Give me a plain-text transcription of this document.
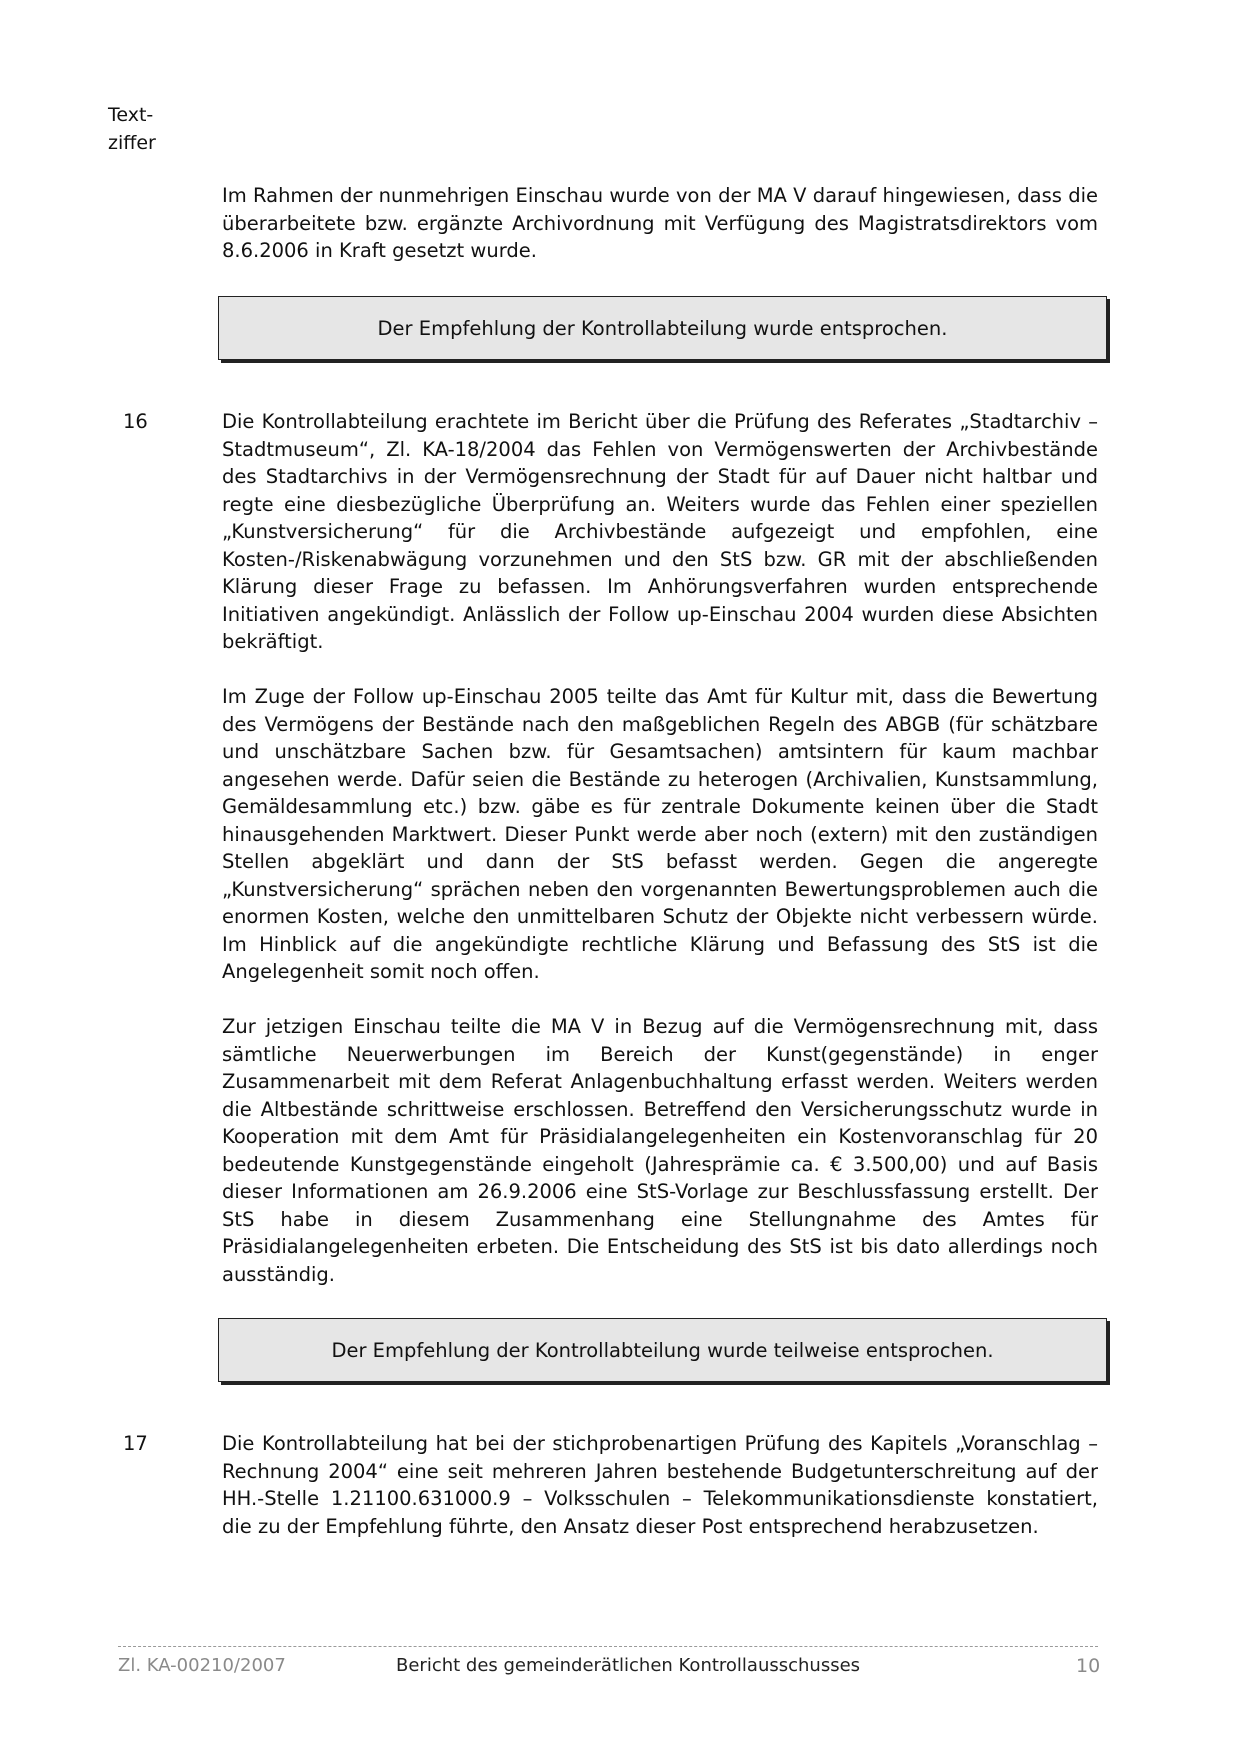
Text-
ziffer

Im Rahmen der nunmehrigen Einschau wurde von der MA V darauf hingewiesen, dass die überarbeitete bzw. ergänzte Archivordnung mit Verfügung des Magistratsdirektors vom 8.6.2006 in Kraft gesetzt wurde.

Der Empfehlung der Kontrollabteilung wurde entsprochen.
16	Die Kontrollabteilung erachtete im Bericht über die Prüfung des Referates „Stadtarchiv – Stadtmuseum“, Zl. KA-18/2004 das Fehlen von Vermögenswerten der Archivbestände des Stadtarchivs in der Vermögensrechnung der Stadt für auf Dauer nicht haltbar und regte eine diesbezügliche Überprüfung an. Weiters wurde das Fehlen einer speziellen „Kunstversicherung“ für die Archivbestände aufgezeigt und empfohlen, eine Kosten-/Riskenabwägung vorzunehmen und den StS bzw. GR mit der abschließenden Klärung dieser Frage zu befassen. Im Anhörungsverfahren wurden entsprechende Initiativen angekündigt. Anlässlich der Follow up-Einschau 2004 wurden diese Absichten bekräftigt.

Im Zuge der Follow up-Einschau 2005 teilte das Amt für Kultur mit, dass die Bewertung des Vermögens der Bestände nach den maßgeblichen Regeln des ABGB (für schätzbare und unschätzbare Sachen bzw. für Gesamtsachen) amtsintern für kaum machbar angesehen werde. Dafür seien die Bestände zu heterogen (Archivalien, Kunstsammlung, Gemäldesammlung etc.) bzw. gäbe es für zentrale Dokumente keinen über die Stadt hinausgehenden Marktwert. Dieser Punkt werde aber noch (extern) mit den zuständigen Stellen abgeklärt und dann der StS befasst werden. Gegen die angeregte „Kunstversicherung“ sprächen neben den vorgenannten Bewertungsproblemen auch die enormen Kosten, welche den unmittelbaren Schutz der Objekte nicht verbessern würde. Im Hinblick auf die angekündigte rechtliche Klärung und Befassung des StS ist die Angelegenheit somit noch offen.

Zur jetzigen Einschau teilte die MA V in Bezug auf die Vermögensrechnung mit, dass sämtliche Neuerwerbungen im Bereich der Kunst(gegenstände) in enger Zusammenarbeit mit dem Referat Anlagenbuchhaltung erfasst werden. Weiters werden die Altbestände schrittweise erschlossen. Betreffend den Versicherungsschutz wurde in Kooperation mit dem Amt für Präsidialangelegenheiten ein Kostenvoranschlag für 20 bedeutende Kunstgegenstände eingeholt (Jahresprämie ca. € 3.500,00) und auf Basis dieser Informationen am 26.9.2006 eine StS-Vorlage zur Beschlussfassung erstellt. Der StS habe in diesem Zusammenhang eine Stellungnahme des Amtes für Präsidialangelegenheiten erbeten. Die Entscheidung des StS ist bis dato allerdings noch ausständig.

Der Empfehlung der Kontrollabteilung wurde teilweise entsprochen.
17	Die Kontrollabteilung hat bei der stichprobenartigen Prüfung des Kapitels „Voranschlag – Rechnung 2004“ eine seit mehreren Jahren bestehende Budgetunterschreitung auf der HH.-Stelle 1.21100.631000.9 – Volksschulen – Telekommunikationsdienste konstatiert, die zu der Empfehlung führte, den Ansatz dieser Post entsprechend herabzusetzen.

Zl. KA-00210/2007	Bericht des gemeinderätlichen Kontrollausschusses	10
